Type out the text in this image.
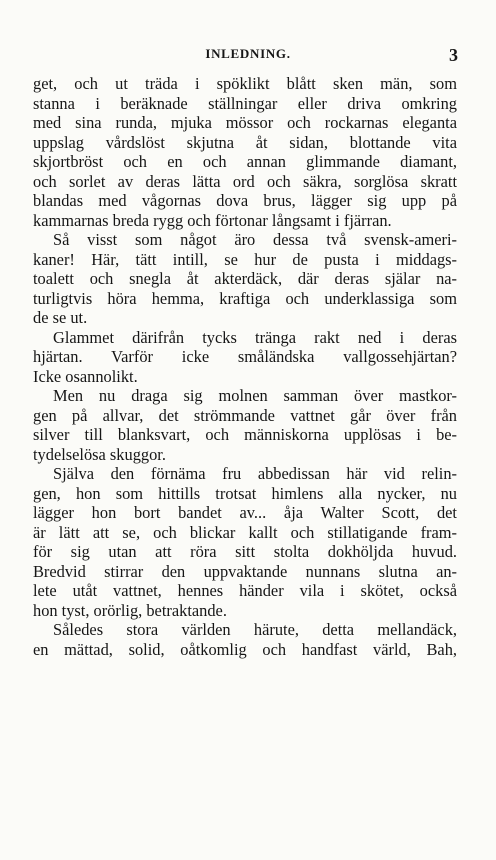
INLEDNING.	3
get, och ut träda i spöklikt blått sken män, som
stanna i beräknade ställningar eller driva omkring
med sina runda, mjuka mössor och rockarnas eleganta
uppslag vårdslöst skjutna åt sidan, blottande vita
skjortbröst och en och annan glimmande diamant,
och sorlet av deras lätta ord och säkra, sorglösa skratt
blandas med vågornas dova brus, lägger sig upp på
kammarnas breda rygg och förtonar långsamt i fjärran.
Så visst som något äro dessa två svensk-ameri-
kaner! Här, tätt intill, se hur de pusta i middags-
toalett och snegla åt akterdäck, där deras själar na-
turligtvis höra hemma, kraftiga och underklassiga som
de se ut.
Glammet därifrån tycks tränga rakt ned i deras
hjärtan. Varför icke småländska vallgossehjärtan?
Icke osannolikt.
Men nu draga sig molnen samman över mastkor-
gen på allvar, det strömmande vattnet går över från
silver till blanksvart, och människorna upplösas i be-
tydelselösa skuggor.
Själva den förnäma fru abbedissan här vid relin-
gen, hon som hittills trotsat himlens alla nycker, nu
lägger hon bort bandet av... åja Walter Scott, det
är lätt att se, och blickar kallt och stillatigande fram-
för sig utan att röra sitt stolta dokhöljda huvud.
Bredvid stirrar den uppvaktande nunnans slutna an-
lete utåt vattnet, hennes händer vila i skötet, också
hon tyst, orörlig, betraktande.
Således stora världen härute, detta mellandäck,
en mättad, solid, oåtkomlig och handfast värld, Bah,
